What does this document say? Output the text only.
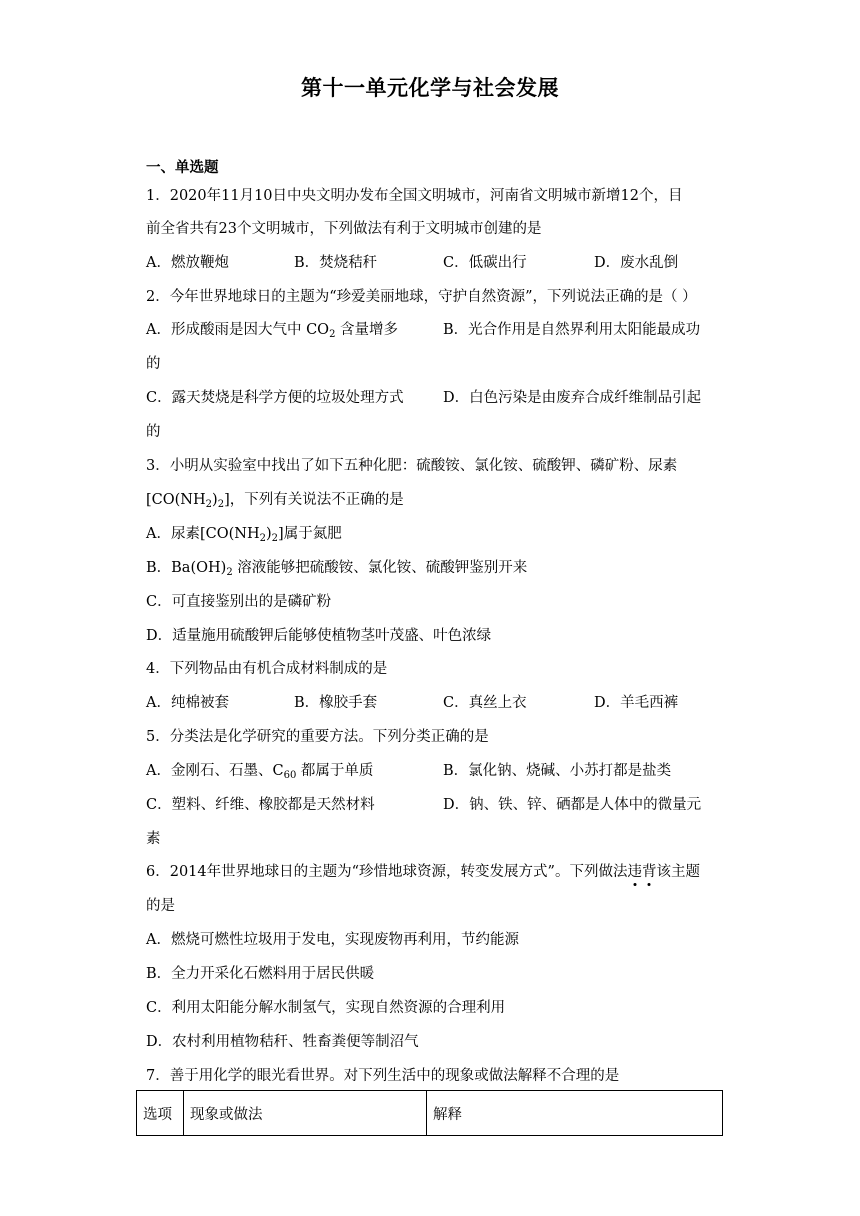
第十一单元化学与社会发展
一、单选题
1．2020年11月10日中央文明办发布全国文明城市，河南省文明城市新增12个，目
前全省共有23个文明城市，下列做法有利于文明城市创建的是
A．燃放鞭炮	B．焚烧秸秆	C．低碳出行	D．废水乱倒
2．今年世界地球日的主题为“珍爱美丽地球，守护自然资源”，下列说法正确的是（ ）
A．形成酸雨是因大气中 $CO_2$ 含量增多	B．光合作用是自然界利用太阳能最成功
的
C．露天焚烧是科学方便的垃圾处理方式	D．白色污染是由废弃合成纤维制品引起
的
3．小明从实验室中找出了如下五种化肥：硫酸铵、氯化铵、硫酸钾、磷矿粉、尿素
$[CO(NH_2)_2]$，下列有关说法不正确的是
A．尿素$[CO(NH_2)_2]$属于氮肥
B．$Ba(OH)_2$ 溶液能够把硫酸铵、氯化铵、硫酸钾鉴别开来
C．可直接鉴别出的是磷矿粉
D．适量施用硫酸钾后能够使植物茎叶茂盛、叶色浓绿
4．下列物品由有机合成材料制成的是
A．纯棉被套	B．橡胶手套	C．真丝上衣	D．羊毛西裤
5．分类法是化学研究的重要方法。下列分类正确的是
A．金刚石、石墨、$C_{60}$ 都属于单质	B．氯化钠、烧碱、小苏打都是盐类
C．塑料、纤维、橡胶都是天然材料	D．钠、铁、锌、硒都是人体中的微量元
素
6．2014年世界地球日的主题为“珍惜地球资源，转变发展方式”。下列做法违背该主题
的是
A．燃烧可燃性垃圾用于发电，实现废物再利用，节约能源
B．全力开采化石燃料用于居民供暖
C．利用太阳能分解水制氢气，实现自然资源的合理利用
D．农村利用植物秸秆、牲畜粪便等制沼气
7．善于用化学的眼光看世界。对下列生活中的现象或做法解释不合理的是
选项	现象或做法	解释
